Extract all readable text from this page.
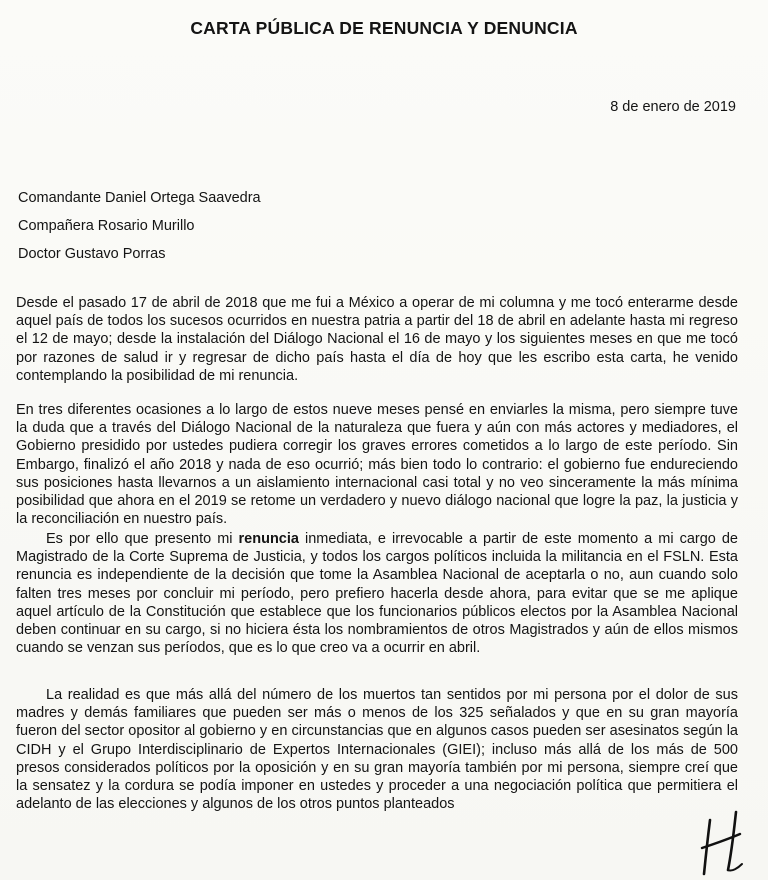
CARTA PÚBLICA DE RENUNCIA Y DENUNCIA
8 de enero de 2019
Comandante Daniel Ortega Saavedra
Compañera Rosario Murillo
Doctor Gustavo Porras

Desde el pasado 17 de abril de 2018 que me fui a México a operar de mi columna y me tocó enterarme desde aquel país de todos los sucesos ocurridos en nuestra patria a partir del 18 de abril en adelante hasta mi regreso el 12 de mayo; desde la instalación del Diálogo Nacional el 16 de mayo y los siguientes meses en que me tocó por razones de salud ir y regresar de dicho país hasta el día de hoy que les escribo esta carta, he venido contemplando la posibilidad de mi renuncia.

En tres diferentes ocasiones a lo largo de estos nueve meses pensé en enviarles la misma, pero siempre tuve la duda que a través del Diálogo Nacional de la naturaleza que fuera y aún con más actores y mediadores, el Gobierno presidido por ustedes pudiera corregir los graves errores cometidos a lo largo de este período. Sin Embargo, finalizó el año 2018 y nada de eso ocurrió; más bien todo lo contrario: el gobierno fue endureciendo sus posiciones hasta llevarnos a un aislamiento internacional casi total y no veo sinceramente la más mínima posibilidad que ahora en el 2019 se retome un verdadero y nuevo diálogo nacional que logre la paz, la justicia y la reconciliación en nuestro país.

Es por ello que presento mi renuncia inmediata, e irrevocable a partir de este momento a mi cargo de Magistrado de la Corte Suprema de Justicia, y todos los cargos políticos incluida la militancia en el FSLN. Esta renuncia es independiente de la decisión que tome la Asamblea Nacional de aceptarla o no, aun cuando solo falten tres meses por concluir mi período, pero prefiero hacerla desde ahora, para evitar que se me aplique aquel artículo de la Constitución que establece que los funcionarios públicos electos por la Asamblea Nacional deben continuar en su cargo, si no hiciera ésta los nombramientos de otros Magistrados y aún de ellos mismos cuando se venzan sus períodos, que es lo que creo va a ocurrir en abril.

La realidad es que más allá del número de los muertos tan sentidos por mi persona por el dolor de sus madres y demás familiares que pueden ser más o menos de los 325 señalados y que en su gran mayoría fueron del sector opositor al gobierno y en circunstancias que en algunos casos pueden ser asesinatos según la CIDH y el Grupo Interdisciplinario de Expertos Internacionales (GIEI); incluso más allá de los más de 500 presos considerados políticos por la oposición y en su gran mayoría también por mi persona, siempre creí que la sensatez y la cordura se podía imponer en ustedes y proceder a una negociación política que permitiera el adelanto de las elecciones y algunos de los otros puntos planteados
